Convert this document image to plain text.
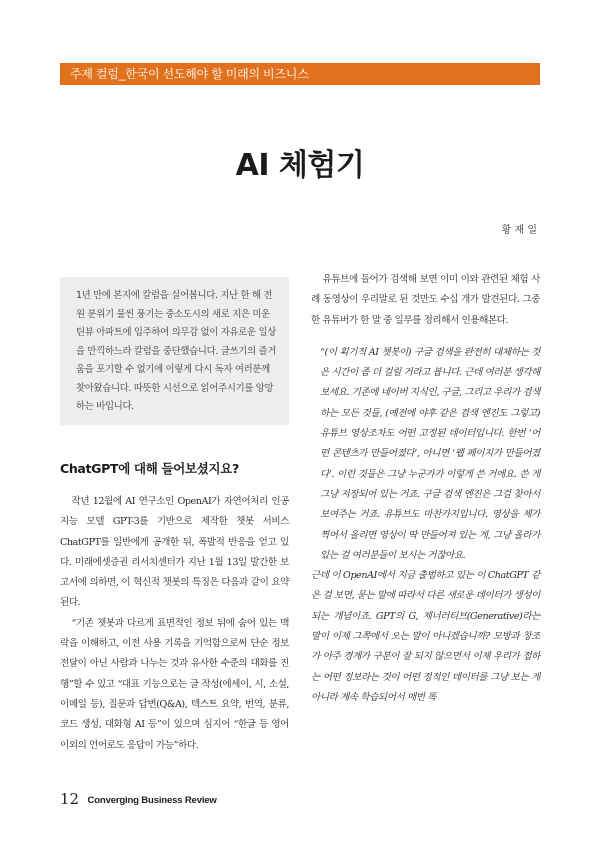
주제 컬럼_한국이 선도해야 할 미래의 비즈니스
AI 체험기
황 재 일
1년 만에 본지에 칼럼을 실어봅니다. 지난 한 해 전원 분위기 물씬 풍기는 중소도시의 새로 지은 미운 틴뷰 아파트에 입주하여 의무감 없이 자유로운 일상을 만끽하느라 칼럼을 중단했습니다. 글쓰기의 즐거움을 포기할 수 없기에 이렇게 다시 독자 여러분께 찾아왔습니다. 따뜻한 시선으로 읽어주시기를 앙망하는 바입니다.
ChatGPT에 대해 들어보셨지요?

작년 12월에 AI 연구소인 OpenAI가 자연어처리 인공지능 모델 GPT-3를 기반으로 제작한 챗봇 서비스 ChatGPT를 일반에게 공개한 뒤, 폭발적 반응을 얻고 있다. 미래에셋증권 리서치센터가 지난 1월 13일 발간한 보고서에 의하면, 이 혁신적 챗봇의 특징은 다음과 같이 요약된다.

“기존 챗봇과 다르게 표면적인 정보 뒤에 숨어 있는 맥락을 이해하고, 이전 사용 기록을 기억함으로써 단순 정보 전달이 아닌 사람과 나누는 것과 유사한 수준의 대화를 진행”할 수 있고 “대표 기능으로는 글 작성(에세이, 시, 소설, 이메일 등), 질문과 답변(Q&A), 텍스트 요약, 번역, 분류, 코드 생성, 대화형 AI 등”이 있으며 심지어 “한글 등 영어 이외의 언어로도 응답이 가능”하다.

유튜브에 들어가 검색해 보면 이미 이와 관련된 체험 사례 동영상이 우리말로 된 것만도 수십 개가 발견된다. 그중 한 유튜버가 한 말 중 일부를 정리해서 인용해본다.

“(이 획기적 AI 챗봇이) 구글 검색을 완전히 대체하는 것은 시간이 좀 더 걸릴 거라고 봅니다. 근데 여러분 생각해보세요. 기존에 네이버 지식인, 구글, 그리고 우리가 검색하는 모든 것들, (예전에 야후 같은 검색 엔진도 그렇고) 유튜브 영상조차도 어떤 고정된 데이터입니다. 한번 ‘어떤 콘텐츠가 만들어졌다’, 아니면 ‘웹 페이지가 만들어졌다’. 이런 것들은 그냥 누군가가 이렇게 쓴 거에요. 쓴 게 그냥 저장되어 있는 거죠. 구글 검색 엔진은 그걸 찾아서 보여주는 거죠. 유튜브도 마찬가지입니다. 영상을 제가 찍어서 올리면 영상이 딱 만들어져 있는 게, 그냥 올라가 있는 걸 여러분들이 보시는 거잖아요.

근데 이 OpenAI에서 지금 출범하고 있는 이 ChatGPT 같은 걸 보면, 묻는 말에 따라서 다른 새로운 데이터가 생성이 되는 개념이죠. GPT의 G, 제너러티브(Generative)라는 말이 이제 그쪽에서 오는 말이 아니겠습니까? 모방과 창조가 아주 경계가 구분이 잘 되지 않으면서 이제 우리가 접하는 어떤 정보라는 것이 어떤 정적인 데이터를 그냥 보는 게 아니라 계속 학습되어서 매번 똑

12 Converging Business Review
